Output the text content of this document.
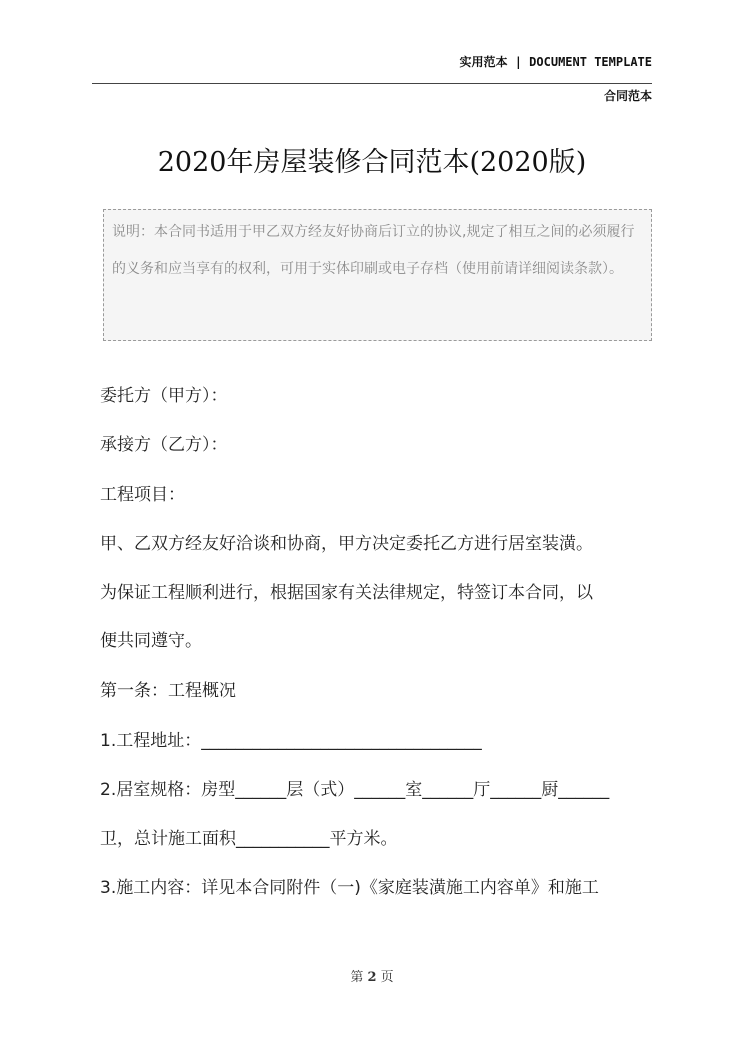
实用范本 | DOCUMENT TEMPLATE
合同范本
2020年房屋装修合同范本(2020版)
说明：本合同书适用于甲乙双方经友好协商后订立的协议,规定了相互之间的必须履行的义务和应当享有的权利，可用于实体印刷或电子存档（使用前请详细阅读条款）。
委托方（甲方）：
承接方（乙方）：
工程项目：
甲、乙双方经友好洽谈和协商，甲方决定委托乙方进行居室装潢。
为保证工程顺利进行，根据国家有关法律规定，特签订本合同，以
便共同遵守。
第一条：工程概况
1.工程地址：_________________________________
2.居室规格：房型______层（式）______室______厅______厨______
卫，总计施工面积___________平方米。
3.施工内容：详见本合同附件（一)《家庭装潢施工内容单》和施工
第 2 页
